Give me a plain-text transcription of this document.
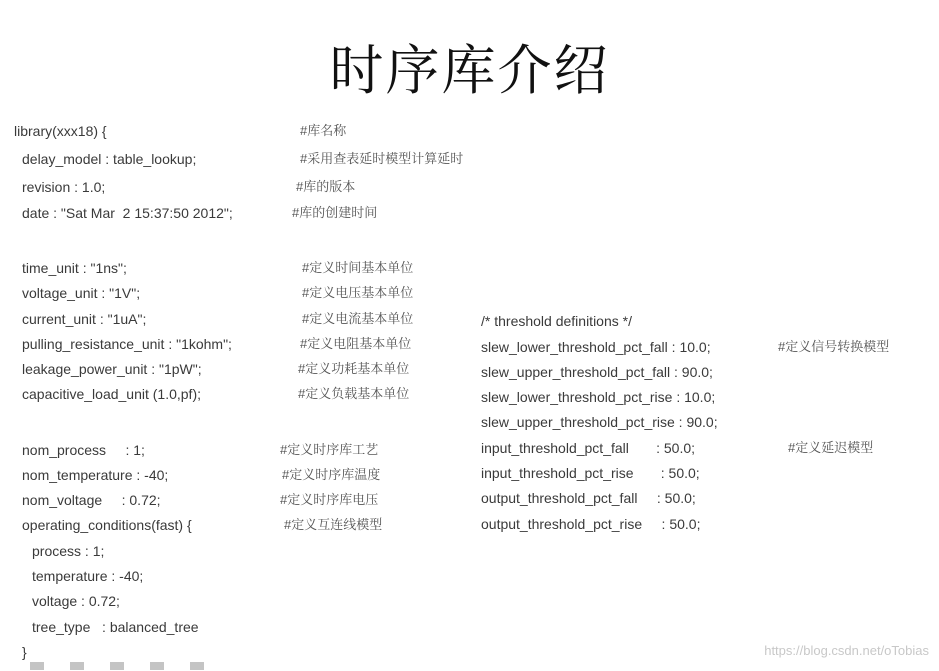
时序库介绍
library(xxx18) {
delay_model : table_lookup;
revision : 1.0;
date : "Sat Mar  2 15:37:50 2012";
time_unit : "1ns";
voltage_unit : "1V";
current_unit : "1uA";
pulling_resistance_unit : "1kohm";
leakage_power_unit : "1pW";
capacitive_load_unit (1.0,pf);
nom_process     : 1;
nom_temperature : -40;
nom_voltage     : 0.72;
operating_conditions(fast) {
process : 1;
temperature : -40;
voltage : 0.72;
tree_type   : balanced_tree
}
#库名称
#采用查表延时模型计算延时
#库的版本
#库的创建时间
#定义时间基本单位
#定义电压基本单位
#定义电流基本单位
#定义电阻基本单位
#定义功耗基本单位
#定义负载基本单位
#定义时序库工艺
#定义时序库温度
#定义时序库电压
#定义互连线模型
/* threshold definitions */
slew_lower_threshold_pct_fall : 10.0;
slew_upper_threshold_pct_fall : 90.0;
slew_lower_threshold_pct_rise : 10.0;
slew_upper_threshold_pct_rise : 90.0;
input_threshold_pct_fall       : 50.0;
input_threshold_pct_rise       : 50.0;
output_threshold_pct_fall     : 50.0;
output_threshold_pct_rise     : 50.0;
#定义信号转换模型
#定义延迟模型
https://blog.csdn.net/oTobias
